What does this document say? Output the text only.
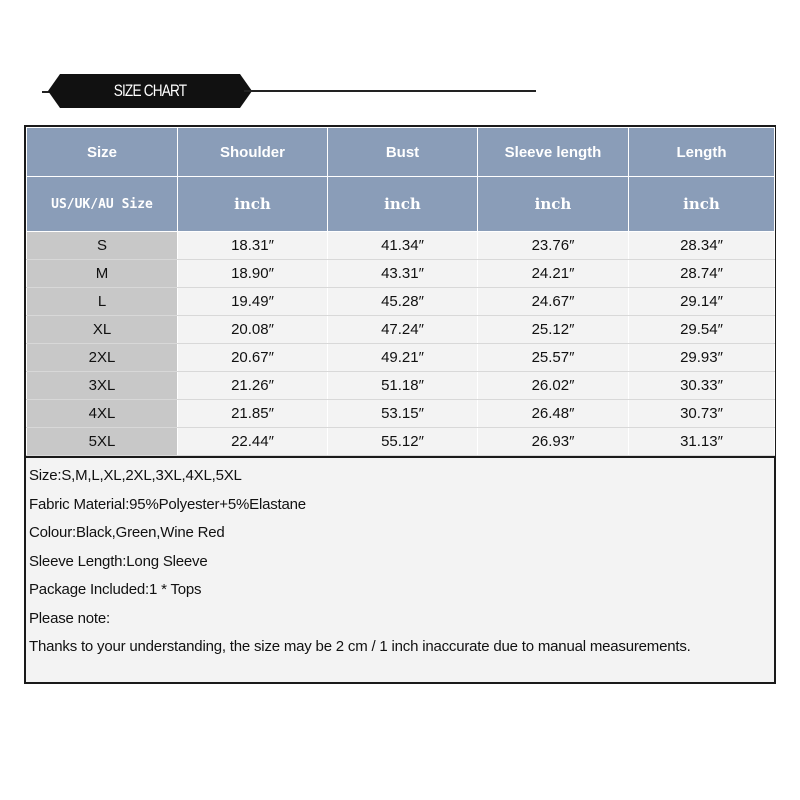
SIZE CHART
Size	Shoulder	Bust	Sleeve length	Length
US/UK/AU Size	inch	inch	inch	inch
S	18.31″	41.34″	23.76″	28.34″
M	18.90″	43.31″	24.21″	28.74″
L	19.49″	45.28″	24.67″	29.14″
XL	20.08″	47.24″	25.12″	29.54″
2XL	20.67″	49.21″	25.57″	29.93″
3XL	21.26″	51.18″	26.02″	30.33″
4XL	21.85″	53.15″	26.48″	30.73″
5XL	22.44″	55.12″	26.93″	31.13″
Size:S,M,L,XL,2XL,3XL,4XL,5XL
Fabric Material:95%Polyester+5%Elastane
Colour:Black,Green,Wine Red
Sleeve Length:Long Sleeve
Package Included:1 * Tops
Please note:
Thanks to your understanding, the size may be 2 cm / 1 inch inaccurate due to manual measurements.
